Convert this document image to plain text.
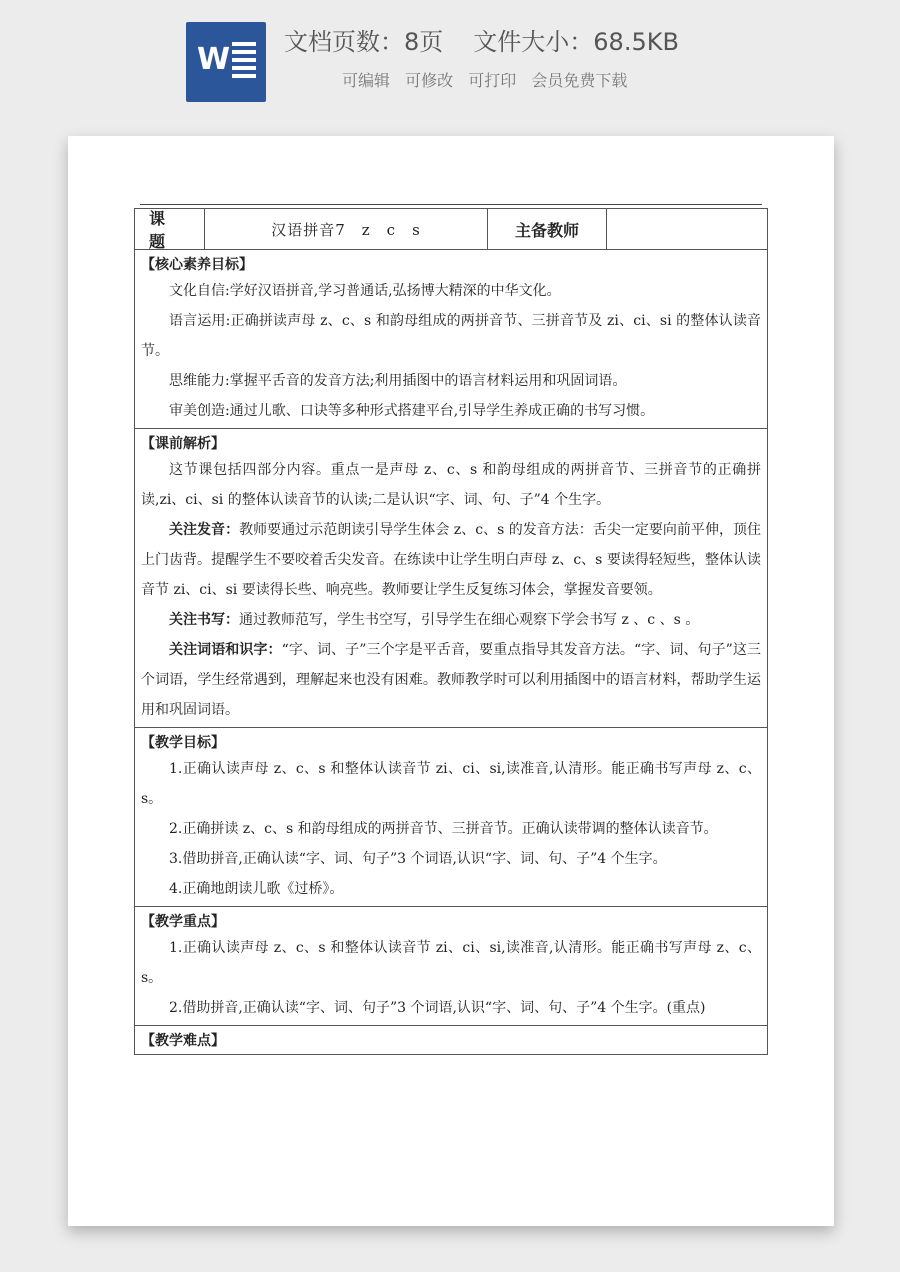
W 文档页数：8页 文件大小：68.5KB
可编辑 可修改 可打印 会员免费下载
课题
汉语拼音7　z　c　s	主备教师
【核心素养目标】
文化自信:学好汉语拼音,学习普通话,弘扬博大精深的中华文化。
语言运用:正确拼读声母 z、c、s 和韵母组成的两拼音节、三拼音节及 zi、ci、si 的整体认读音节。
思维能力:掌握平舌音的发音方法;利用插图中的语言材料运用和巩固词语。
审美创造:通过儿歌、口诀等多种形式搭建平台,引导学生养成正确的书写习惯。
【课前解析】
这节课包括四部分内容。重点一是声母 z、c、s 和韵母组成的两拼音节、三拼音节的正确拼读,zi、ci、si 的整体认读音节的认读;二是认识“字、词、句、子”4 个生字。
关注发音：教师要通过示范朗读引导学生体会 z、c、s 的发音方法：舌尖一定要向前平伸，顶住上门齿背。提醒学生不要咬着舌尖发音。在练读中让学生明白声母 z、c、s 要读得轻短些，整体认读音节 zi、ci、si 要读得长些、响亮些。教师要让学生反复练习体会，掌握发音要领。
关注书写：通过教师范写，学生书空写，引导学生在细心观察下学会书写 z 、c 、s 。
关注词语和识字：“字、词、子”三个字是平舌音，要重点指导其发音方法。“字、词、句子”这三个词语，学生经常遇到，理解起来也没有困难。教师教学时可以利用插图中的语言材料，帮助学生运用和巩固词语。
【教学目标】
1.正确认读声母 z、c、s 和整体认读音节 zi、ci、si,读准音,认清形。能正确书写声母 z、c、s。
2.正确拼读 z、c、s 和韵母组成的两拼音节、三拼音节。正确认读带调的整体认读音节。
3.借助拼音,正确认读“字、词、句子”3 个词语,认识“字、词、句、子”4 个生字。
4.正确地朗读儿歌《过桥》。
【教学重点】
1.正确认读声母 z、c、s 和整体认读音节 zi、ci、si,读准音,认清形。能正确书写声母 z、c、s。
2.借助拼音,正确认读“字、词、句子”3 个词语,认识“字、词、句、子”4 个生字。(重点)
【教学难点】
